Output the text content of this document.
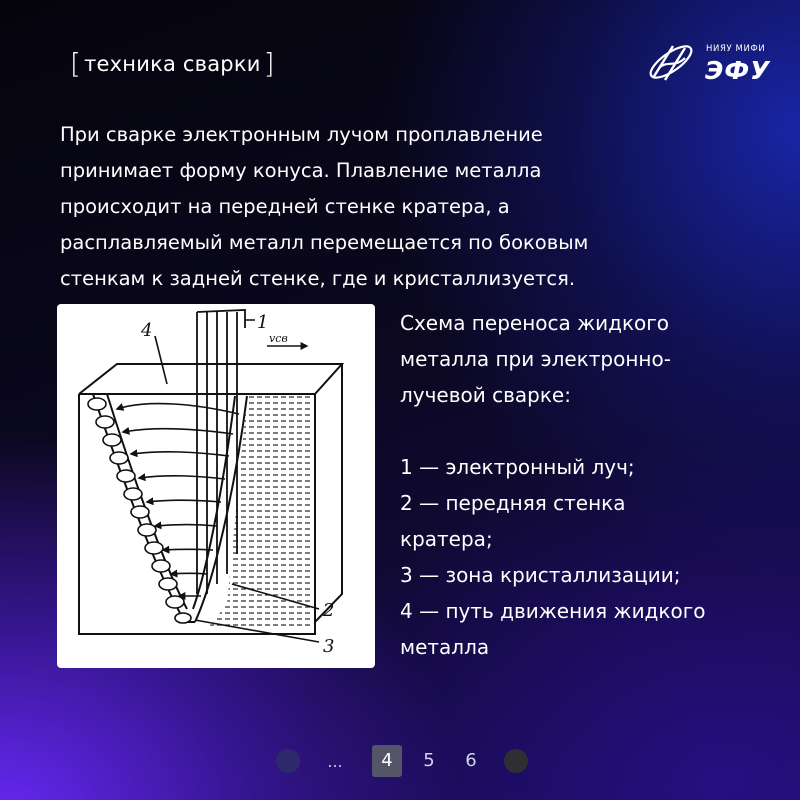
[ техника сварки ]	НИЯУ МИФИ
ЭФУ
При сварке электронным лучом проплавление
принимает форму конуса. Плавление металла
происходит на передней стенке кратера, а
расплавляемый металл перемещается по боковым
стенкам к задней стенке, где и кристаллизуется.
1
4	vсв
2
3
Схема переноса жидкого
металла при электронно-
лучевой сварке:
1 — электронный луч;
2 — передняя стенка
кратера;
3 — зона кристаллизации;
4 — путь движения жидкого
металла
...	4	5	6
